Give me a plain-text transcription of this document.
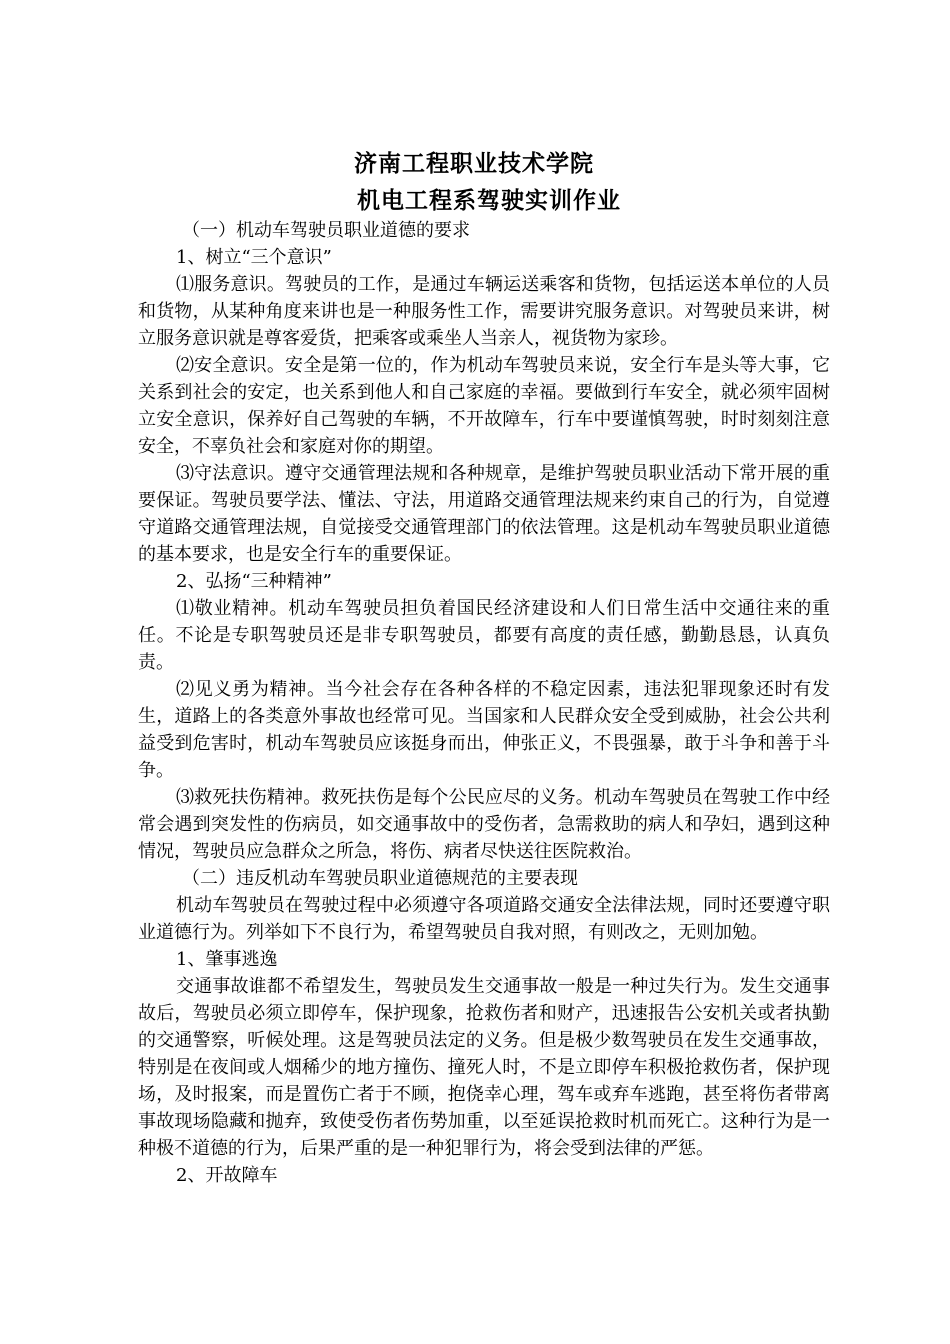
济南工程职业技术学院
机电工程系驾驶实训作业

（一）机动车驾驶员职业道德的要求

1、树立“三个意识”

⑴服务意识。驾驶员的工作，是通过车辆运送乘客和货物，包括运送本单位的人员和货物，从某种角度来讲也是一种服务性工作，需要讲究服务意识。对驾驶员来讲，树立服务意识就是尊客爱货，把乘客或乘坐人当亲人，视货物为家珍。

⑵安全意识。安全是第一位的，作为机动车驾驶员来说，安全行车是头等大事，它关系到社会的安定，也关系到他人和自己家庭的幸福。要做到行车安全，就必须牢固树立安全意识，保养好自己驾驶的车辆，不开故障车，行车中要谨慎驾驶，时时刻刻注意安全，不辜负社会和家庭对你的期望。

⑶守法意识。遵守交通管理法规和各种规章，是维护驾驶员职业活动下常开展的重要保证。驾驶员要学法、懂法、守法，用道路交通管理法规来约束自己的行为，自觉遵守道路交通管理法规，自觉接受交通管理部门的依法管理。这是机动车驾驶员职业道德的基本要求，也是安全行车的重要保证。

2、弘扬“三种精神”

⑴敬业精神。机动车驾驶员担负着国民经济建设和人们日常生活中交通往来的重任。不论是专职驾驶员还是非专职驾驶员，都要有高度的责任感，勤勤恳恳，认真负责。

⑵见义勇为精神。当今社会存在各种各样的不稳定因素，违法犯罪现象还时有发生，道路上的各类意外事故也经常可见。当国家和人民群众安全受到威胁，社会公共利益受到危害时，机动车驾驶员应该挺身而出，伸张正义，不畏强暴，敢于斗争和善于斗争。

⑶救死扶伤精神。救死扶伤是每个公民应尽的义务。机动车驾驶员在驾驶工作中经常会遇到突发性的伤病员，如交通事故中的受伤者，急需救助的病人和孕妇，遇到这种情况，驾驶员应急群众之所急，将伤、病者尽快送往医院救治。

（二）违反机动车驾驶员职业道德规范的主要表现

机动车驾驶员在驾驶过程中必须遵守各项道路交通安全法律法规，同时还要遵守职业道德行为。列举如下不良行为，希望驾驶员自我对照，有则改之，无则加勉。

1、肇事逃逸

交通事故谁都不希望发生，驾驶员发生交通事故一般是一种过失行为。发生交通事故后，驾驶员必须立即停车，保护现象，抢救伤者和财产，迅速报告公安机关或者执勤的交通警察，听候处理。这是驾驶员法定的义务。但是极少数驾驶员在发生交通事故，特别是在夜间或人烟稀少的地方撞伤、撞死人时，不是立即停车积极抢救伤者，保护现场，及时报案，而是置伤亡者于不顾，抱侥幸心理，驾车或弃车逃跑，甚至将伤者带离事故现场隐藏和抛弃，致使受伤者伤势加重，以至延误抢救时机而死亡。这种行为是一种极不道德的行为，后果严重的是一种犯罪行为，将会受到法律的严惩。

2、开故障车
